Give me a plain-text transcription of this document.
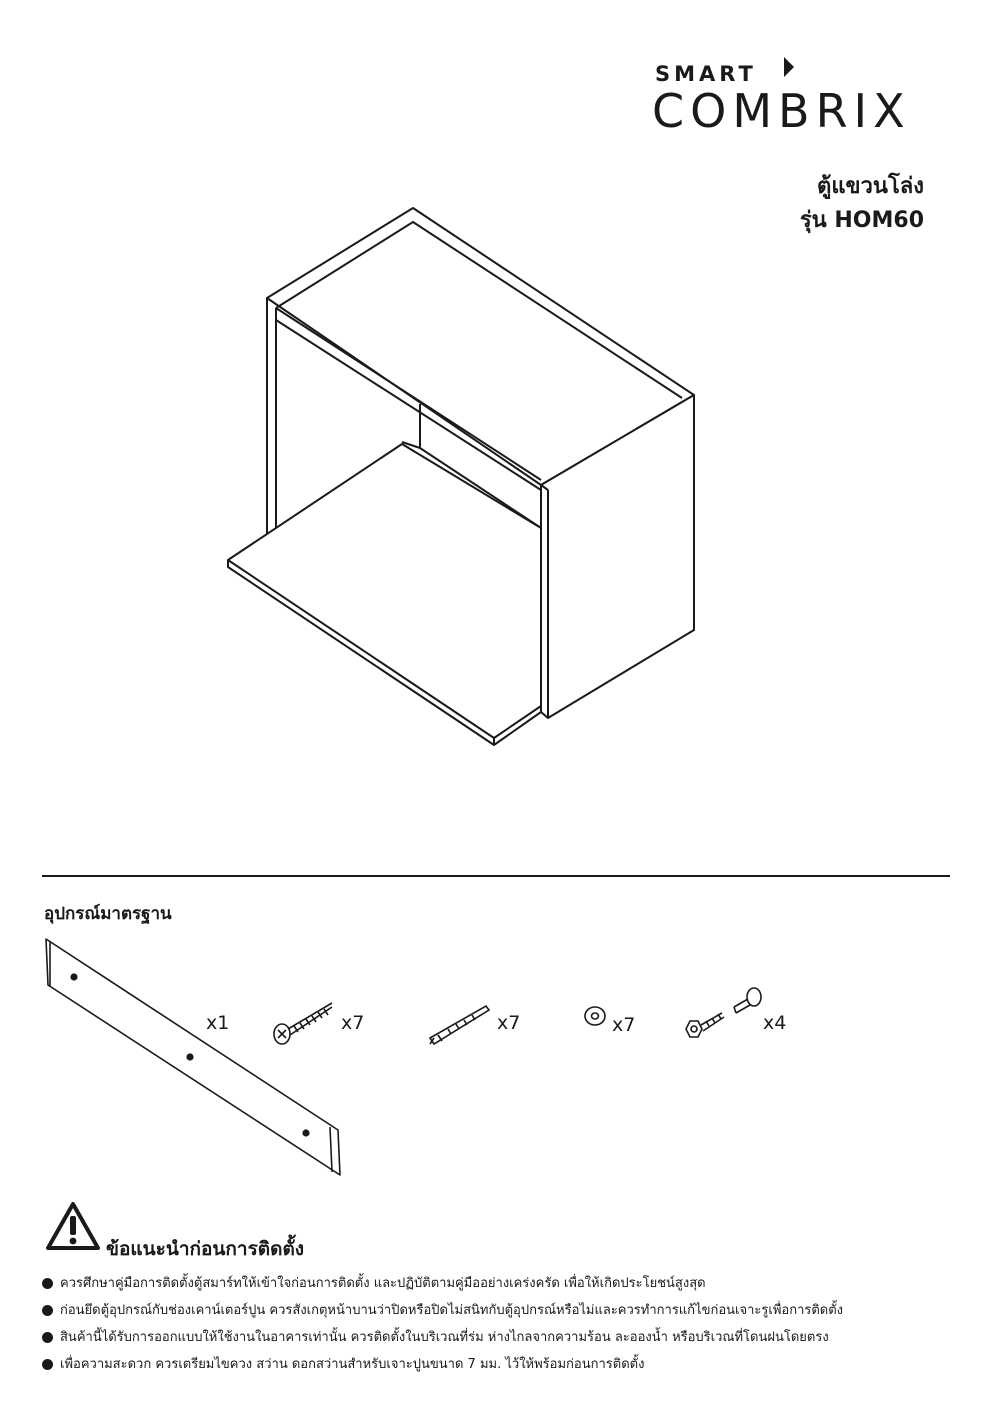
SMART
COMBRIX
ตู้แขวนโล่ง
รุ่น HOM60
อุปกรณ์มาตรฐาน
x1	x7	x7	x7	x4
ข้อแนะนำก่อนการติดตั้ง
ควรศึกษาคู่มือการติดตั้งตู้สมาร์ทให้เข้าใจก่อนการติดตั้ง และปฏิบัติตามคู่มืออย่างเคร่งครัด เพื่อให้เกิดประโยชน์สูงสุด
ก่อนยึดตู้อุปกรณ์กับช่องเคาน์เตอร์ปูน ควรสังเกตุหน้าบานว่าปิดหรือปิดไม่สนิทกับตู้อุปกรณ์หรือไม่และควรทำการแก้ไขก่อนเจาะรูเพื่อการติดตั้ง
สินค้านี้ได้รับการออกแบบให้ใช้งานในอาคารเท่านั้น ควรติดตั้งในบริเวณที่ร่ม ห่างไกลจากความร้อน ละอองน้ำ หรือบริเวณที่โดนฝนโดยตรง
เพื่อความสะดวก ควรเตรียมไขควง สว่าน ดอกสว่านสำหรับเจาะปูนขนาด 7 มม. ไว้ให้พร้อมก่อนการติดตั้ง
